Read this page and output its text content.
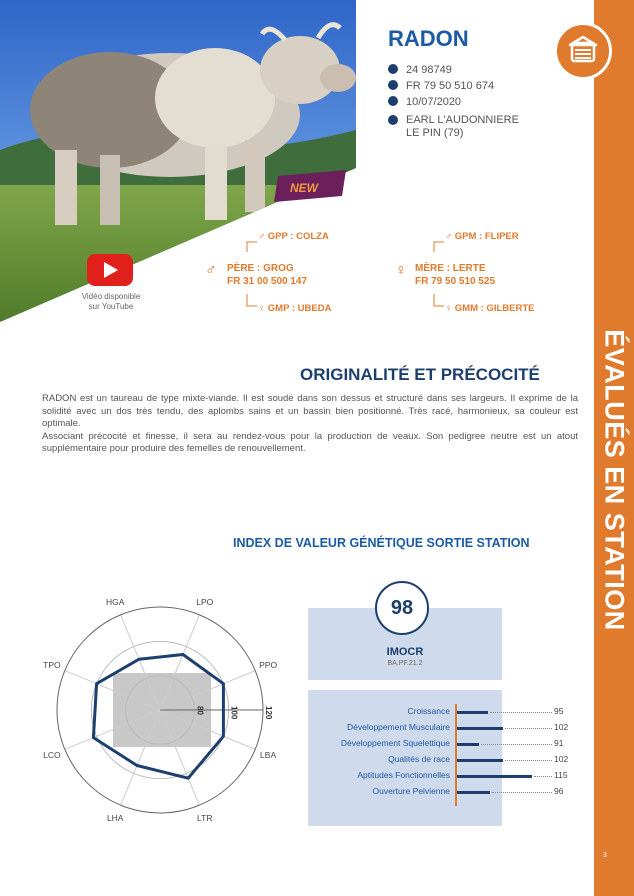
NEW
ÉVALUÉS EN STATION
3
RADON
24 98749
FR 79 50 510 674
10/07/2020
EARL L'AUDONNIERE
LE PIN (79)
♂ GPP : COLZA
♂ PÈRE : GROG
FR 31 00 500 147
♀ GMP : UBEDA
♂ GPM : FLIPER
♀ MÈRE : LERTE
FR 79 50 510 525
♀ GMM : GILBERTE
Vidéo disponible
sur YouTube
ORIGINALITÉ ET PRÉCOCITÉ

RADON est un taureau de type mixte-viande. Il est soudé dans son dessus et structuré dans ses largeurs. Il exprime de la solidité avec un dos très tendu, des aplombs sains et un bassin bien positionné. Très racé, harmonieux, sa couleur est optimale.

Associant précocité et finesse, il sera au rendez-vous pour la production de veaux. Son pedigree neutre est un atout supplémentaire pour produire des femelles de renouvellement.

INDEX DE VALEUR GÉNÉTIQUE SORTIE STATION
80	100	120
HGA	LPO
PPO
LBA
LTR
LHA
LCO
TPO
98
IMOCR
BA.PF.21.2
Croissance	95
Développement Musculaire	102
Développement Squelettique	91
Qualités de race	102
Aptitudes Fonctionnelles	115
Ouverture Pelvienne	96
